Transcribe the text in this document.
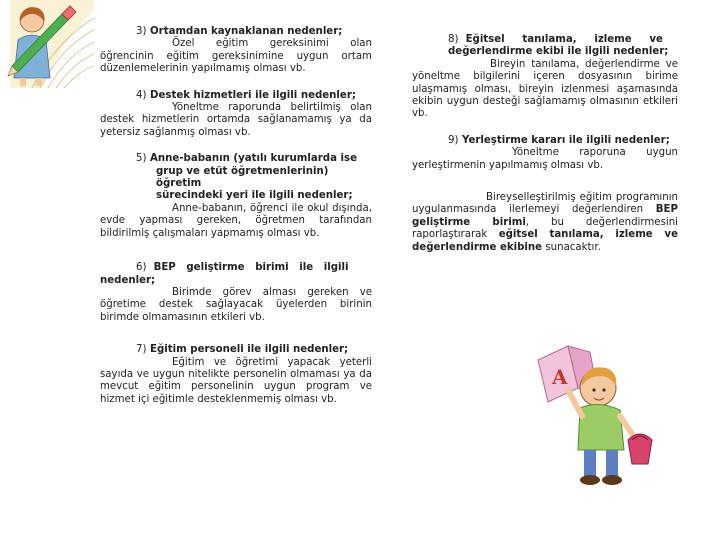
3) Ortamdan kaynaklanan nedenler;
Özel eğitim gereksinimi olan öğrencinin eğitim gereksinimine uygun ortam düzenlemelerinin yapılmamış olması vb.
4) Destek hizmetleri ile ilgili nedenler;
Yöneltme raporunda belirtilmiş olan destek hizmetlerin ortamda sağlanamamış ya da yetersiz sağlanmış olması vb.
5) Anne-babanın (yatılı kurumlarda ise
grup ve etüt öğretmenlerinin) öğretim
sürecindeki yeri ile ilgili nedenler;
Anne-babanın, öğrenci ile okul dışında, evde yapması gereken, öğretmen tarafından bildirilmiş çalışmaları yapmamış olması vb.
6) BEP   geliştirme   birimi   ile   ilgili
nedenler;
Birimde görev alması gereken ve öğretime destek sağlayacak üyelerden birinin birimde olmamasının etkileri vb.
7) Eğitim personeli ile ilgili nedenler;
Eğitim ve öğretimi yapacak yeterli sayıda ve uygun nitelikte personelin olmaması ya da mevcut eğitim personelinin uygun program ve hizmet içi eğitimle desteklenmemiş olması vb.
8) Eğitsel     tanılama,     izleme     ve
değerlendirme ekibi ile ilgili nedenler;
Bireyin tanılama, değerlendirme ve yöneltme bilgilerini içeren dosyasının birime ulaşmamış olması, bireyin izlenmesi aşamasında ekibin uygun desteği sağlamamış olmasının etkileri vb.
9) Yerleştirme kararı ile ilgili nedenler;
Yöneltme raporuna uygun yerleştirmenin yapılmamış olması vb.
Bireyselleştirilmiş eğitim programının uygulanmasında ilerlemeyi değerlendiren BEP geliştirme birimi, bu değerlendirmesini raporlaştırarak eğitsel tanılama, izleme ve değerlendirme ekibine sunacaktır.
A
